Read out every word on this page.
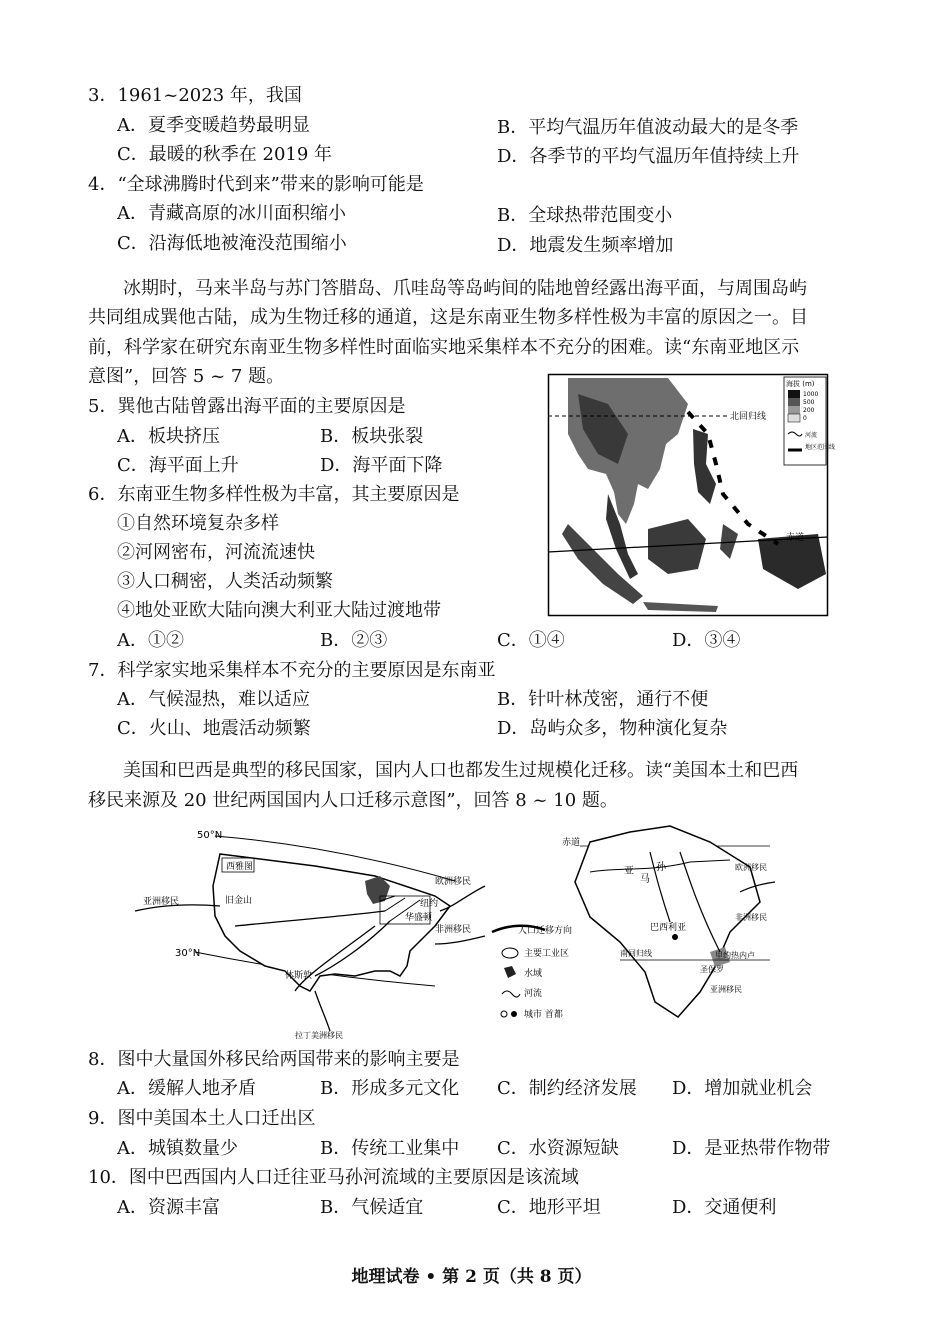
3．1961~2023 年，我国
A．夏季变暖趋势最明显	B．平均气温历年值波动最大的是冬季
C．最暖的秋季在 2019 年	D．各季节的平均气温历年值持续上升
4．“全球沸腾时代到来”带来的影响可能是
A．青藏高原的冰川面积缩小	B．全球热带范围变小
C．沿海低地被淹没范围缩小	D．地震发生频率增加
冰期时，马来半岛与苏门答腊岛、爪哇岛等岛屿间的陆地曾经露出海平面，与周围岛屿
共同组成巽他古陆，成为生物迁移的通道，这是东南亚生物多样性极为丰富的原因之一。目
前，科学家在研究东南亚生物多样性时面临实地采集样本不充分的困难。读“东南亚地区示
意图”，回答 5 ~ 7 题。
5．巽他古陆曾露出海平面的主要原因是
A．板块挤压	B．板块张裂
C．海平面上升	D．海平面下降
6．东南亚生物多样性极为丰富，其主要原因是
①自然环境复杂多样
②河网密布，河流流速快
③人口稠密，人类活动频繁
④地处亚欧大陆向澳大利亚大陆过渡地带
A．①②	B．②③	C．①④	D．③④
北回归线
赤道
海拔 (m)
1000
500
200
0
河流
地区范围线
7．科学家实地采集样本不充分的主要原因是东南亚
A．气候湿热，难以适应	B．针叶林茂密，通行不便
C．火山、地震活动频繁	D．岛屿众多，物种演化复杂
美国和巴西是典型的移民国家，国内人口也都发生过规模化迁移。读“美国本土和巴西
移民来源及 20 世纪两国国内人口迁移示意图”，回答 8 ~ 10 题。
50°N
30°N
西雅图
旧金山
华盛顿
纽约
休斯敦
亚洲移民
欧洲移民
非洲移民
拉丁美洲移民
人口迁移方向
主要工业区
水域
河流
城市 首都
赤道
亚
马
孙
巴西利亚
南回归线	里约热内卢
圣保罗
欧洲移民
非洲移民
亚洲移民
8．图中大量国外移民给两国带来的影响主要是
A．缓解人地矛盾	B．形成多元文化 C．制约经济发展 D．增加就业机会
9．图中美国本土人口迁出区
A．城镇数量少	B．传统工业集中 C．水资源短缺	D．是亚热带作物带
10．图中巴西国内人口迁往亚马孙河流域的主要原因是该流域
A．资源丰富	B．气候适宜	C．地形平坦	D．交通便利
地理试卷 • 第 2 页（共 8 页）
